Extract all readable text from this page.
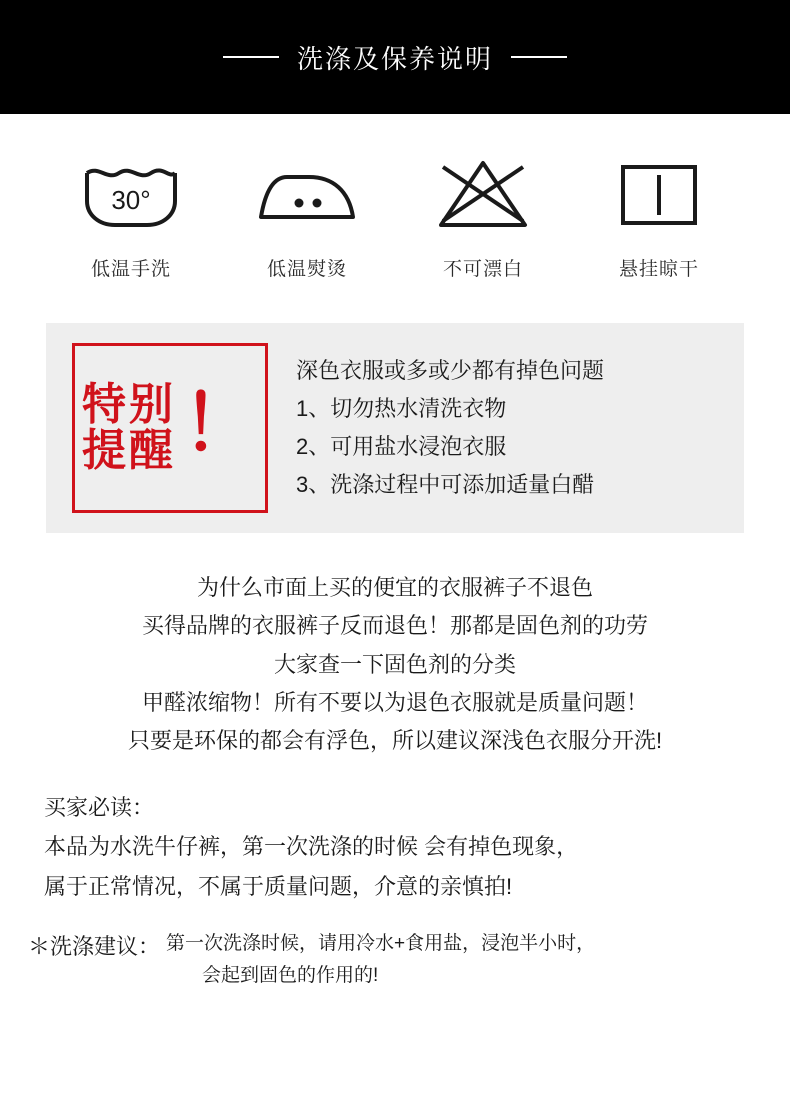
洗涤及保养说明
30°
低温手洗	低温熨烫	不可漂白	悬挂晾干
特别
提醒 ！
深色衣服或多或少都有掉色问题
1、切勿热水清洗衣物
2、可用盐水浸泡衣服
3、洗涤过程中可添加适量白醋
为什么市面上买的便宜的衣服裤子不退色
买得品牌的衣服裤子反而退色！那都是固色剂的功劳
大家查一下固色剂的分类
甲醛浓缩物！所有不要以为退色衣服就是质量问题！
只要是环保的都会有浮色，所以建议深浅色衣服分开洗!
买家必读：
本品为水洗牛仔裤，第一次洗涤的时候 会有掉色现象，
属于正常情况，不属于质量问题，介意的亲慎拍!
＊洗涤建议： 第一次洗涤时候，请用冷水+食用盐，浸泡半小时，
会起到固色的作用的!
